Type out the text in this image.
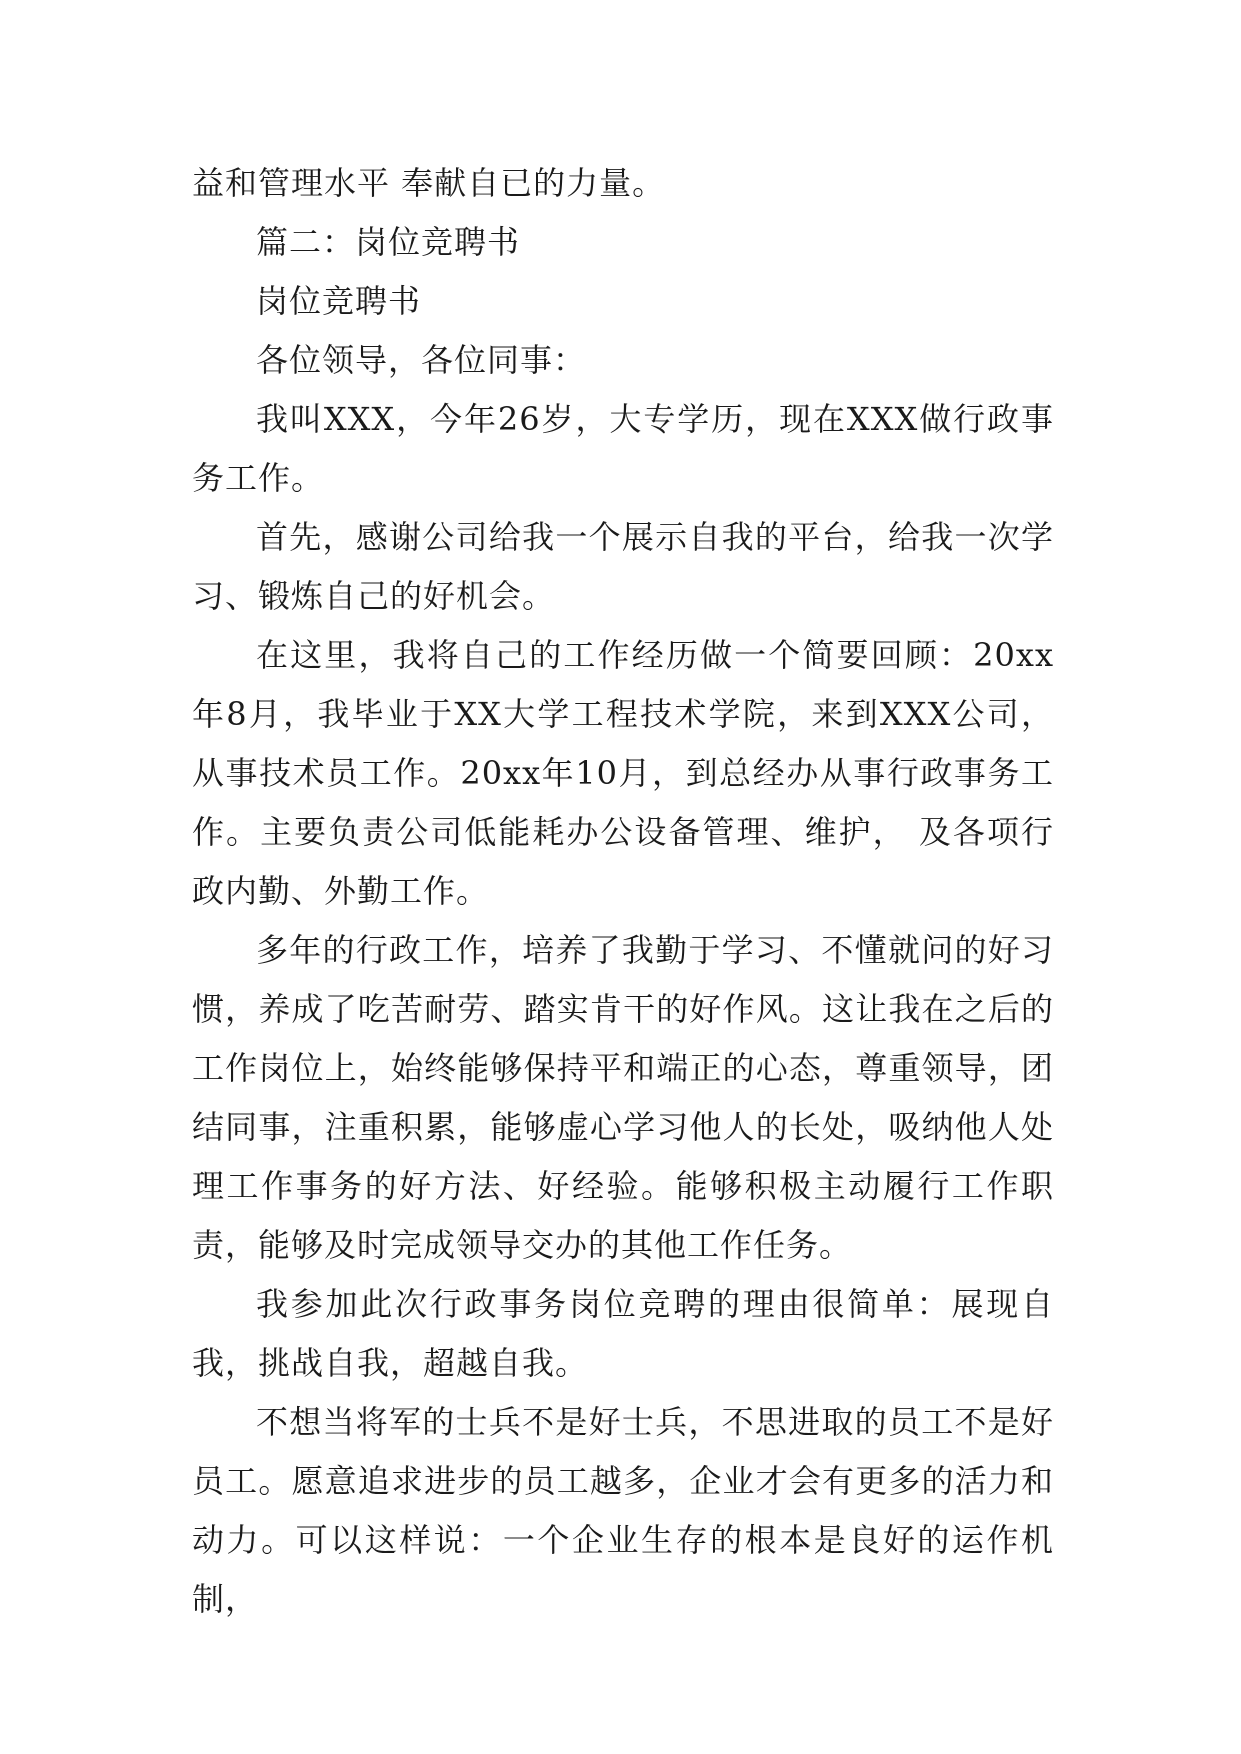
益和管理水平 奉献自已的力量。

篇二：岗位竞聘书

岗位竞聘书

各位领导，各位同事：

我叫XXX，今年26岁，大专学历，现在XXX做行政事务工作。

首先，感谢公司给我一个展示自我的平台，给我一次学习、锻炼自己的好机会。

在这里，我将自己的工作经历做一个简要回顾：20xx年8月，我毕业于XX大学工程技术学院，来到XXX公司，从事技术员工作。20xx年10月，到总经办从事行政事务工作。主要负责公司低能耗办公设备管理、维护， 及各项行政内勤、外勤工作。

多年的行政工作，培养了我勤于学习、不懂就问的好习惯，养成了吃苦耐劳、踏实肯干的好作风。这让我在之后的工作岗位上，始终能够保持平和端正的心态，尊重领导，团结同事，注重积累，能够虚心学习他人的长处，吸纳他人处理工作事务的好方法、好经验。能够积极主动履行工作职责，能够及时完成领导交办的其他工作任务。

我参加此次行政事务岗位竞聘的理由很简单：展现自我，挑战自我，超越自我。

不想当将军的士兵不是好士兵，不思进取的员工不是好员工。愿意追求进步的员工越多，企业才会有更多的活力和动力。可以这样说：一个企业生存的根本是良好的运作机制，
